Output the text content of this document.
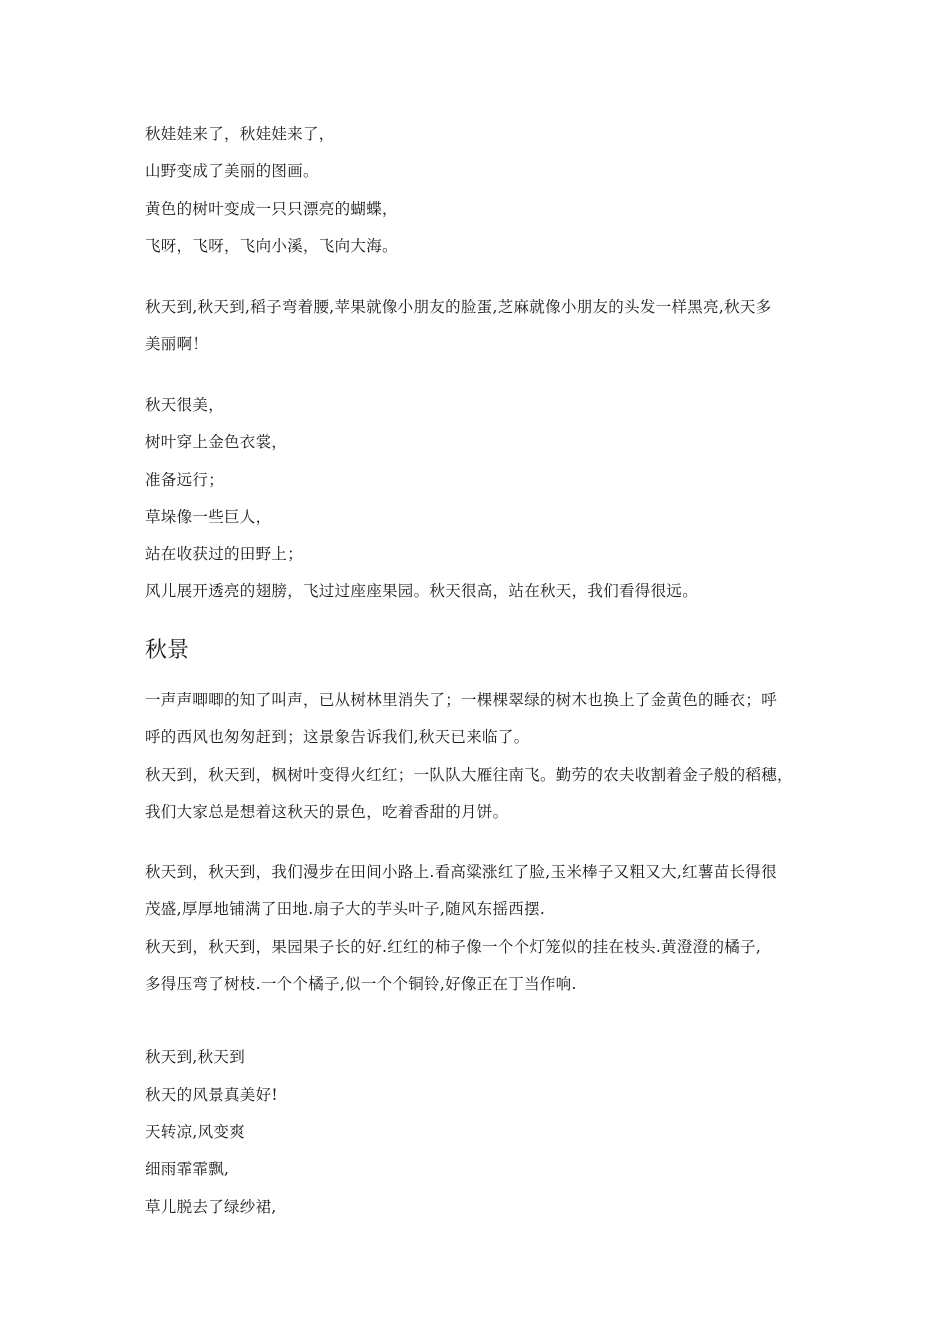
秋娃娃来了，秋娃娃来了，
山野变成了美丽的图画。
黄色的树叶变成一只只漂亮的蝴蝶，
飞呀，飞呀，飞向小溪，飞向大海。
秋天到,秋天到,稻子弯着腰,苹果就像小朋友的脸蛋,芝麻就像小朋友的头发一样黑亮,秋天多
美丽啊！
秋天很美，
树叶穿上金色衣裳，
准备远行；
草垛像一些巨人，
站在收获过的田野上；
风儿展开透亮的翅膀，飞过过座座果园。秋天很高，站在秋天，我们看得很远。
秋景
一声声唧唧的知了叫声，已从树林里消失了；一棵棵翠绿的树木也换上了金黄色的睡衣；呼
呼的西风也匆匆赶到；这景象告诉我们,秋天已来临了。
秋天到，秋天到，枫树叶变得火红红；一队队大雁往南飞。勤劳的农夫收割着金子般的稻穗，
我们大家总是想着这秋天的景色，吃着香甜的月饼。
秋天到，秋天到，我们漫步在田间小路上.看高粱涨红了脸,玉米棒子又粗又大,红薯苗长得很
茂盛,厚厚地铺满了田地.扇子大的芋头叶子,随风东摇西摆.
秋天到，秋天到，果园果子长的好.红红的柿子像一个个灯笼似的挂在枝头.黄澄澄的橘子,
多得压弯了树枝.一个个橘子,似一个个铜铃,好像正在丁当作响.
秋天到,秋天到
秋天的风景真美好!
天转凉,风变爽
细雨霏霏飘,
草儿脱去了绿纱裙,
